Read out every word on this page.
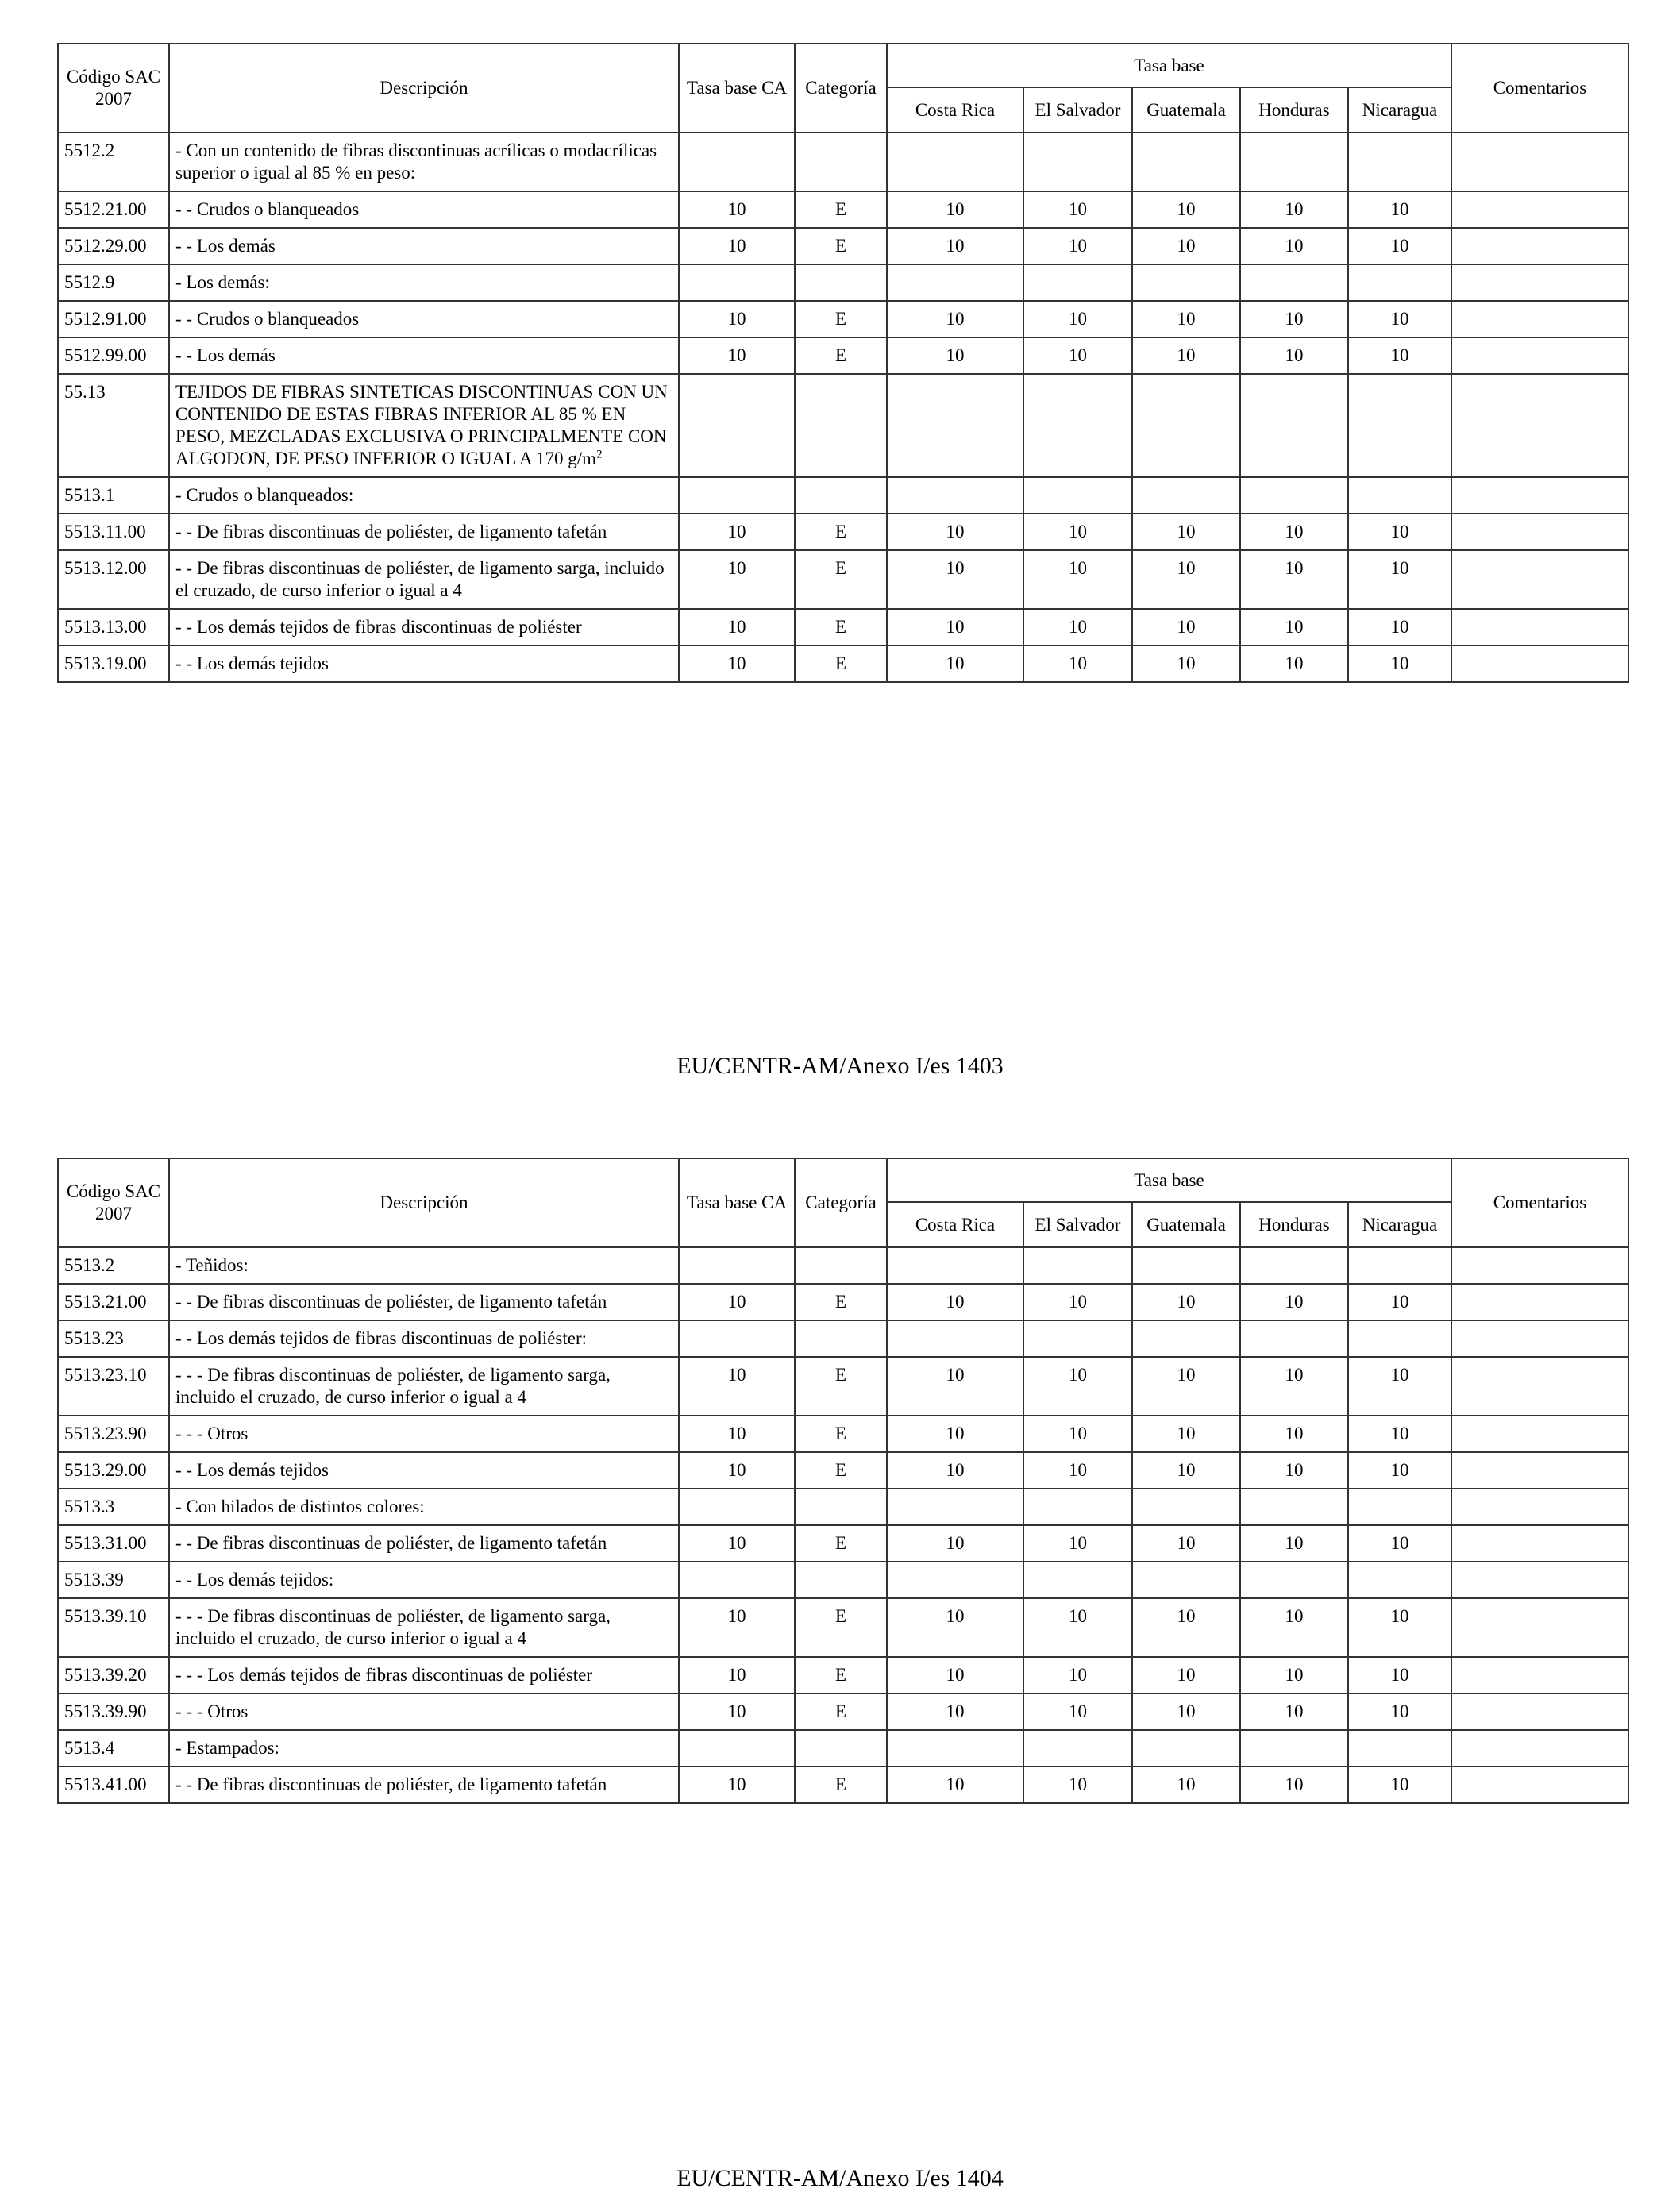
Código SAC 2007	Descripción	Tasa base CA	Categoría	Tasa base					Comentarios
				Costa Rica	El Salvador	Guatemala	Honduras	Nicaragua	
5512.2	- Con un contenido de fibras discontinuas acrílicas o modacrílicas superior o igual al 85 % en peso:								
5512.21.00	- - Crudos o blanqueados	10	E	10	10	10	10	10	
5512.29.00	- - Los demás	10	E	10	10	10	10	10	
5512.9	- Los demás:								
5512.91.00	- - Crudos o blanqueados	10	E	10	10	10	10	10	
5512.99.00	- - Los demás	10	E	10	10	10	10	10	
55.13	TEJIDOS DE FIBRAS SINTETICAS DISCONTINUAS CON UN CONTENIDO DE ESTAS FIBRAS INFERIOR AL 85 % EN PESO, MEZCLADAS EXCLUSIVA O PRINCIPALMENTE CON ALGODON, DE PESO INFERIOR O IGUAL A 170 $g/m^2$								
5513.1	- Crudos o blanqueados:								
5513.11.00	- - De fibras discontinuas de poliéster, de ligamento tafetán	10	E	10	10	10	10	10	
5513.12.00	- - De fibras discontinuas de poliéster, de ligamento sarga, incluido el cruzado, de curso inferior o igual a 4	10	E	10	10	10	10	10	
5513.13.00	- - Los demás tejidos de fibras discontinuas de poliéster	10	E	10	10	10	10	10	
5513.19.00	- - Los demás tejidos	10	E	10	10	10	10	10	
EU/CENTR-AM/Anexo I/es 1403
Código SAC 2007	Descripción	Tasa base CA	Categoría	Tasa base					Comentarios
				Costa Rica	El Salvador	Guatemala	Honduras	Nicaragua	
5513.2	- Teñidos:								
5513.21.00	- - De fibras discontinuas de poliéster, de ligamento tafetán	10	E	10	10	10	10	10	
5513.23	- - Los demás tejidos de fibras discontinuas de poliéster:								
5513.23.10	- - - De fibras discontinuas de poliéster, de ligamento sarga, incluido el cruzado, de curso inferior o igual a 4	10	E	10	10	10	10	10	
5513.23.90	- - - Otros	10	E	10	10	10	10	10	
5513.29.00	- - Los demás tejidos	10	E	10	10	10	10	10	
5513.3	- Con hilados de distintos colores:								
5513.31.00	- - De fibras discontinuas de poliéster, de ligamento tafetán	10	E	10	10	10	10	10	
5513.39	- - Los demás tejidos:								
5513.39.10	- - - De fibras discontinuas de poliéster, de ligamento sarga, incluido el cruzado, de curso inferior o igual a 4	10	E	10	10	10	10	10	
5513.39.20	- - - Los demás tejidos de fibras discontinuas de poliéster	10	E	10	10	10	10	10	
5513.39.90	- - - Otros	10	E	10	10	10	10	10	
5513.4	- Estampados:								
5513.41.00	- - De fibras discontinuas de poliéster, de ligamento tafetán	10	E	10	10	10	10	10	
EU/CENTR-AM/Anexo I/es 1404
